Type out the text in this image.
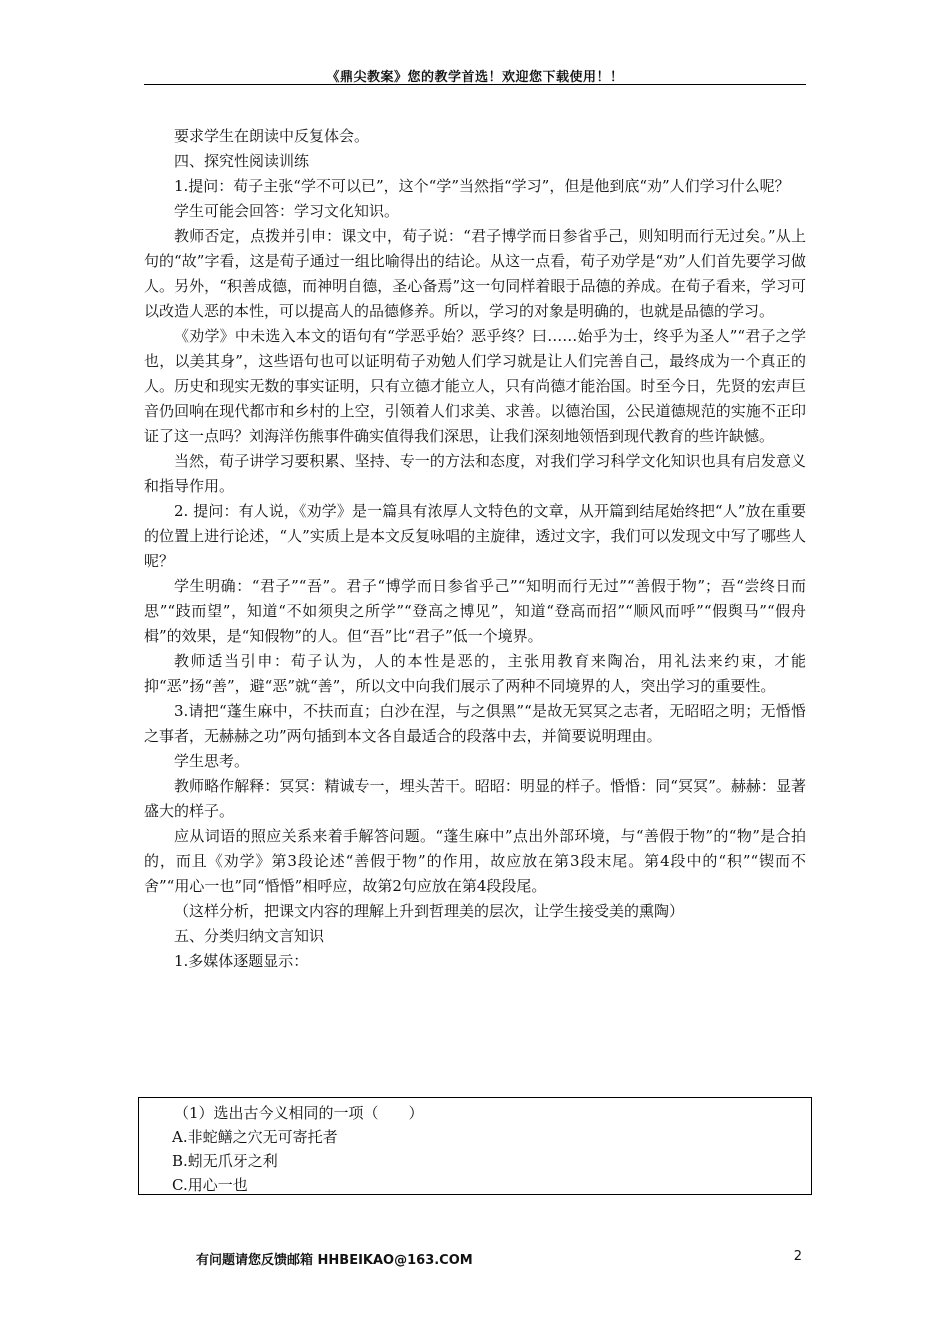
《鼎尖教案》您的教学首选！欢迎您下载使用！！

要求学生在朗读中反复体会。

四、探究性阅读训练

1.提问：荀子主张“学不可以已”，这个“学”当然指“学习”，但是他到底“劝”人们学习什么呢？

学生可能会回答：学习文化知识。

教师否定，点拨并引申：课文中，荀子说：“君子博学而日参省乎己，则知明而行无过矣。”从上句的“故”字看，这是荀子通过一组比喻得出的结论。从这一点看，荀子劝学是“劝”人们首先要学习做人。另外，“积善成德，而神明自德，圣心备焉”这一句同样着眼于品德的养成。在荀子看来，学习可以改造人恶的本性，可以提高人的品德修养。所以，学习的对象是明确的，也就是品德的学习。

《劝学》中未选入本文的语句有“学恶乎始？恶乎终？曰……始乎为士，终乎为圣人”“君子之学也，以美其身”，这些语句也可以证明荀子劝勉人们学习就是让人们完善自己，最终成为一个真正的人。历史和现实无数的事实证明，只有立德才能立人，只有尚德才能治国。时至今日，先贤的宏声巨音仍回响在现代都市和乡村的上空，引领着人们求美、求善。以德治国，公民道德规范的实施不正印证了这一点吗？刘海洋伤熊事件确实值得我们深思，让我们深刻地领悟到现代教育的些许缺憾。

当然，荀子讲学习要积累、坚持、专一的方法和态度，对我们学习科学文化知识也具有启发意义和指导作用。

2. 提问：有人说，《劝学》是一篇具有浓厚人文特色的文章，从开篇到结尾始终把“人”放在重要的位置上进行论述，“人”实质上是本文反复咏唱的主旋律，透过文字，我们可以发现文中写了哪些人呢？

学生明确：“君子”“吾”。君子“博学而日参省乎己”“知明而行无过”“善假于物”；吾“尝终日而思”“跂而望”，知道“不如须臾之所学”“登高之博见”，知道“登高而招”“顺风而呼”“假舆马”“假舟楫”的效果，是“知假物”的人。但“吾”比“君子”低一个境界。

教师适当引申：荀子认为，人的本性是恶的，主张用教育来陶冶，用礼法来约束，才能抑“恶”扬“善”，避“恶”就“善”，所以文中向我们展示了两种不同境界的人，突出学习的重要性。

3.请把“蓬生麻中，不扶而直；白沙在涅，与之俱黑”“是故无冥冥之志者，无昭昭之明；无惛惛之事者，无赫赫之功”两句插到本文各自最适合的段落中去，并简要说明理由。

学生思考。

教师略作解释：冥冥：精诚专一，埋头苦干。昭昭：明显的样子。惛惛：同“冥冥”。赫赫：显著盛大的样子。

应从词语的照应关系来着手解答问题。“蓬生麻中”点出外部环境，与“善假于物”的“物”是合拍的，而且《劝学》第3段论述“善假于物”的作用，故应放在第3段末尾。第4段中的“积”“锲而不舍”“用心一也”同“惛惛”相呼应，故第2句应放在第4段段尾。

（这样分析，把课文内容的理解上升到哲理美的层次，让学生接受美的熏陶）

五、分类归纳文言知识

1.多媒体逐题显示：

（1）选出古今义相同的一项（　　）
A.非蛇鳝之穴无可寄托者
B.蚓无爪牙之利
C.用心一也
有问题请您反馈邮箱 HHBEIKAO@163.COM	2
